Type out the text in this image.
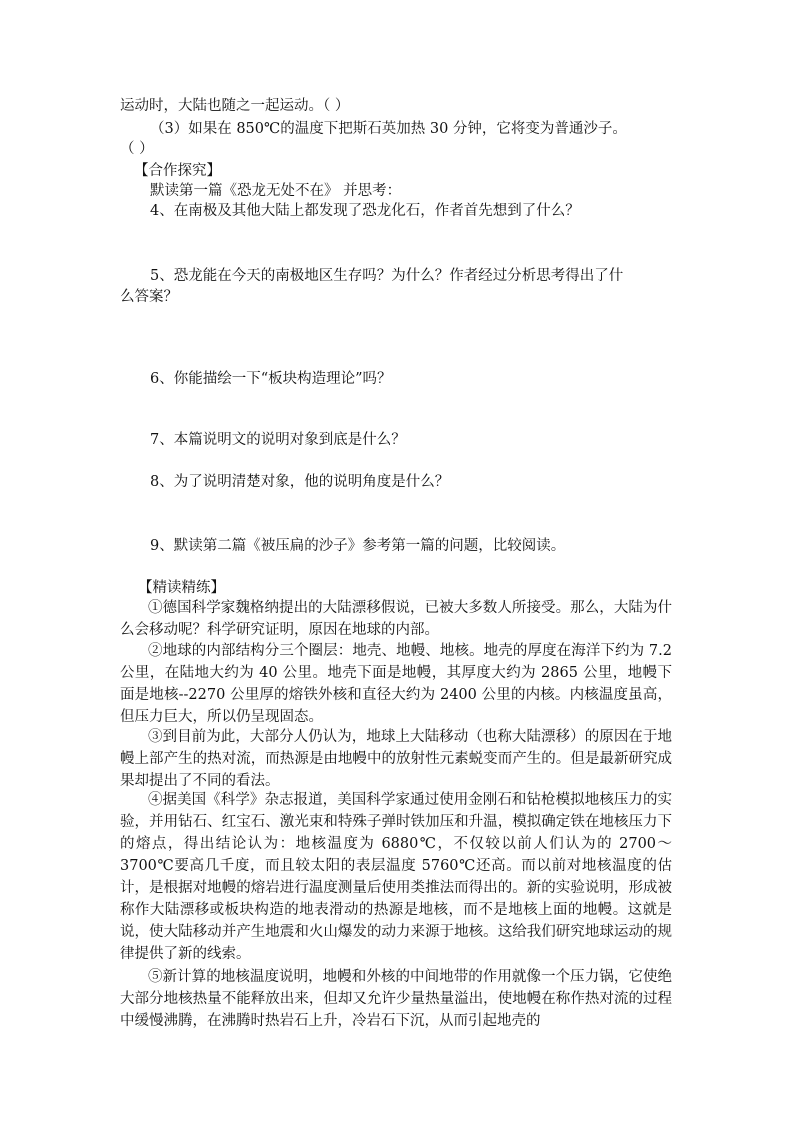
运动时，大陆也随之一起运动。（ ）
（3）如果在 850℃的温度下把斯石英加热 30 分钟，它将变为普通沙子。
（ ）
【合作探究】
默读第一篇《恐龙无处不在》 并思考：
4、在南极及其他大陆上都发现了恐龙化石，作者首先想到了什么？
5、恐龙能在今天的南极地区生存吗？为什么？作者经过分析思考得出了什
么答案？
6、你能描绘一下“板块构造理论”吗？
7、本篇说明文的说明对象到底是什么？
8、为了说明清楚对象，他的说明角度是什么？
9、默读第二篇《被压扁的沙子》参考第一篇的问题，比较阅读。
【精读精练】
①德国科学家魏格纳提出的大陆漂移假说，已被大多数人所接受。那么，大陆为什么会移动呢？科学研究证明，原因在地球的内部。
②地球的内部结构分三个圈层：地壳、地幔、地核。地壳的厚度在海洋下约为 7.2 公里，在陆地大约为 40 公里。地壳下面是地幔，其厚度大约为 2865 公里，地幔下面是地核--2270 公里厚的熔铁外核和直径大约为 2400 公里的内核。内核温度虽高，但压力巨大，所以仍呈现固态。
③到目前为此，大部分人仍认为，地球上大陆移动（也称大陆漂移）的原因在于地幔上部产生的热对流，而热源是由地幔中的放射性元素蜕变而产生的。但是最新研究成果却提出了不同的看法。
④据美国《科学》杂志报道，美国科学家通过使用金刚石和钻枪模拟地核压力的实验，并用钻石、红宝石、激光束和特殊子弹时铁加压和升温，模拟确定铁在地核压力下的熔点，得出结论认为：地核温度为 6880℃，不仅较以前人们认为的 2700～3700℃要高几千度，而且较太阳的表层温度 5760℃还高。而以前对地核温度的估计，是根据对地幔的熔岩进行温度测量后使用类推法而得出的。新的实验说明，形成被称作大陆漂移或板块构造的地表滑动的热源是地核，而不是地核上面的地幔。这就是说，使大陆移动并产生地震和火山爆发的动力来源于地核。这给我们研究地球运动的规律提供了新的线索。
⑤新计算的地核温度说明，地幔和外核的中间地带的作用就像一个压力锅，它使绝大部分地核热量不能释放出来，但却又允许少量热量溢出，使地幔在称作热对流的过程中缓慢沸腾，在沸腾时热岩石上升，冷岩石下沉，从而引起地壳的
